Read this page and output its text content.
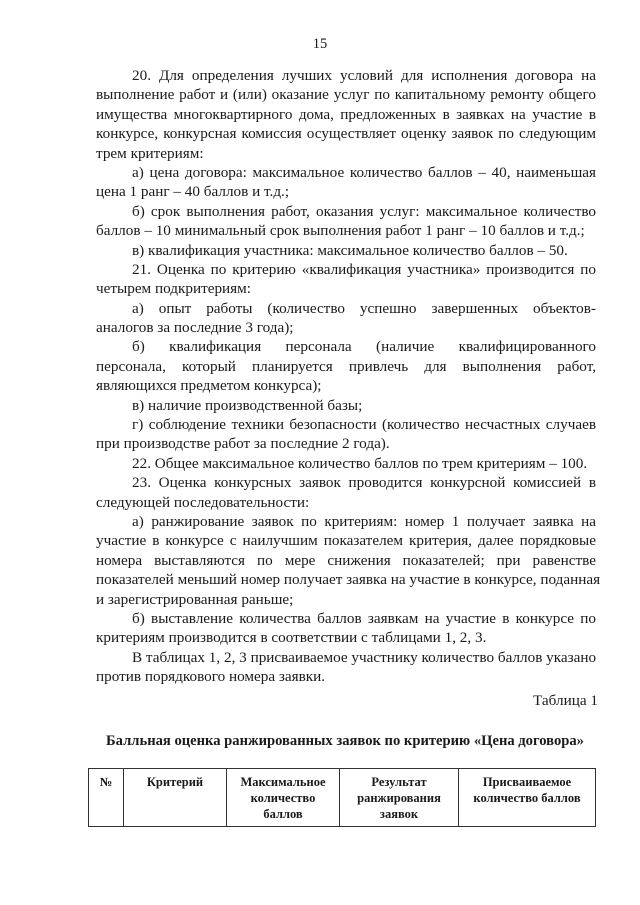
15
20. Для определения лучших условий для исполнения договора на
выполнение работ и (или) оказание услуг по капитальному ремонту общего
имущества многоквартирного дома, предложенных в заявках на участие в
конкурсе, конкурсная комиссия осуществляет оценку заявок по следующим
трем критериям:
а) цена договора: максимальное количество баллов – 40, наименьшая
цена 1 ранг – 40 баллов и т.д.;
б) срок выполнения работ, оказания услуг: максимальное количество
баллов – 10 минимальный срок выполнения работ 1 ранг – 10 баллов и т.д.;
в) квалификация участника: максимальное количество баллов – 50.
21. Оценка по критерию «квалификация участника» производится по
четырем подкритериям:
а) опыт работы (количество успешно завершенных объектов-
аналогов за последние 3 года);
б) квалификация персонала (наличие квалифицированного
персонала, который планируется привлечь для выполнения работ,
являющихся предметом конкурса);
в) наличие производственной базы;
г) соблюдение техники безопасности (количество несчастных случаев
при производстве работ за последние 2 года).
22. Общее максимальное количество баллов по трем критериям – 100.
23. Оценка конкурсных заявок проводится конкурсной комиссией в
следующей последовательности:
а) ранжирование заявок по критериям: номер 1 получает заявка на
участие в конкурсе с наилучшим показателем критерия, далее порядковые
номера выставляются по мере снижения показателей; при равенстве
показателей меньший номер получает заявка на участие в конкурсе, поданная
и зарегистрированная раньше;
б) выставление количества баллов заявкам на участие в конкурсе по
критериям производится в соответствии с таблицами 1, 2, 3.
В таблицах 1, 2, 3 присваиваемое участнику количество баллов указано
против порядкового номера заявки.
Таблица 1
Балльная оценка ранжированных заявок по критерию «Цена договора»
№	Критерий	Максимальное количество баллов	Результат ранжирования заявок	Присваиваемое количество баллов
